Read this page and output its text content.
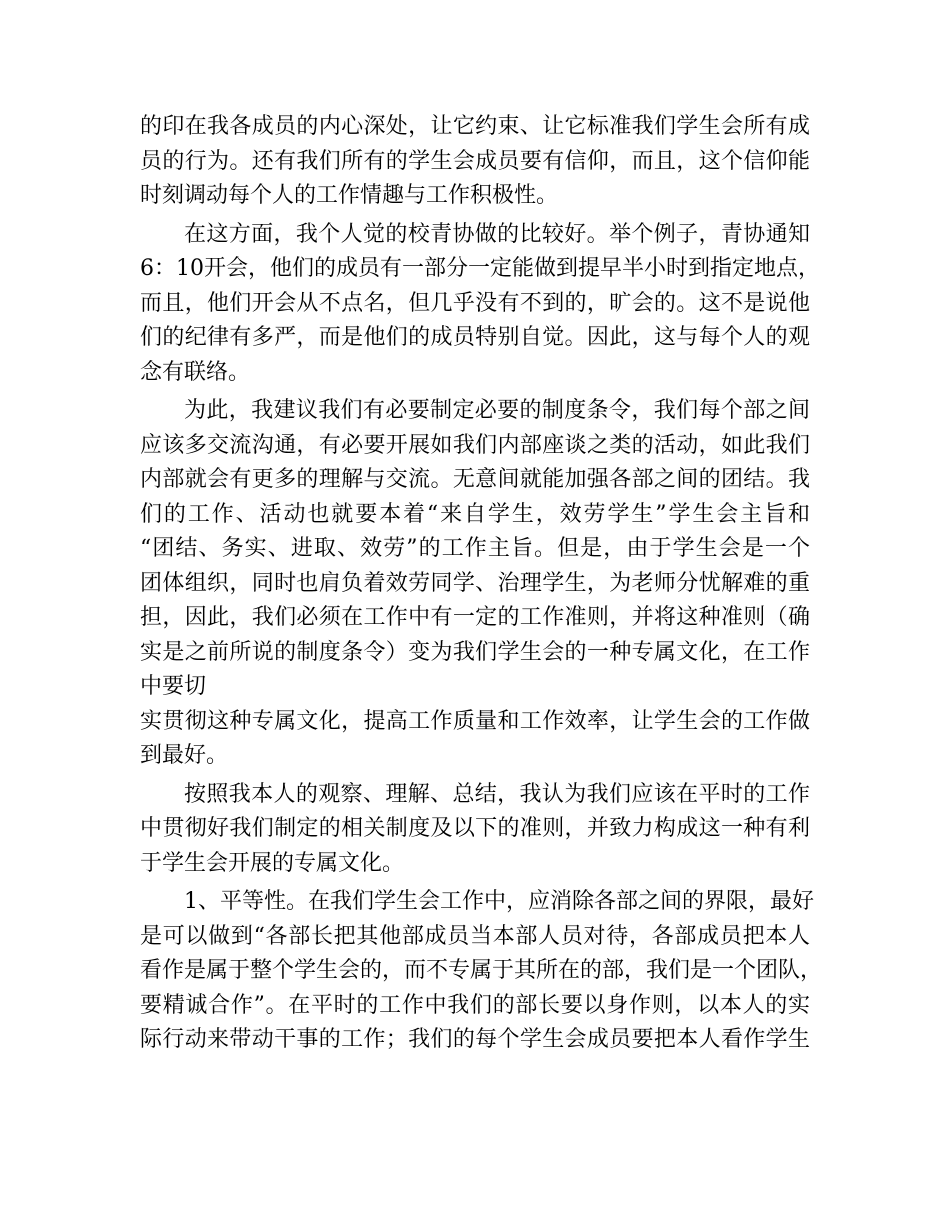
的印在我各成员的内心深处，让它约束、让它标准我们学生会所有成
员的行为。还有我们所有的学生会成员要有信仰，而且，这个信仰能
时刻调动每个人的工作情趣与工作积极性。
在这方面，我个人觉的校青协做的比较好。举个例子，青协通知
6：10开会，他们的成员有一部分一定能做到提早半小时到指定地点，
而且，他们开会从不点名，但几乎没有不到的，旷会的。这不是说他
们的纪律有多严，而是他们的成员特别自觉。因此，这与每个人的观
念有联络。
为此，我建议我们有必要制定必要的制度条令，我们每个部之间
应该多交流沟通，有必要开展如我们内部座谈之类的活动，如此我们
内部就会有更多的理解与交流。无意间就能加强各部之间的团结。我
们的工作、活动也就要本着“来自学生，效劳学生”学生会主旨和
“团结、务实、进取、效劳”的工作主旨。但是，由于学生会是一个
团体组织，同时也肩负着效劳同学、治理学生，为老师分忧解难的重
担，因此，我们必须在工作中有一定的工作准则，并将这种准则（确
实是之前所说的制度条令）变为我们学生会的一种专属文化，在工作
中要切
实贯彻这种专属文化，提高工作质量和工作效率，让学生会的工作做
到最好。
按照我本人的观察、理解、总结，我认为我们应该在平时的工作
中贯彻好我们制定的相关制度及以下的准则，并致力构成这一种有利
于学生会开展的专属文化。
1、平等性。在我们学生会工作中，应消除各部之间的界限，最好
是可以做到“各部长把其他部成员当本部人员对待，各部成员把本人
看作是属于整个学生会的，而不专属于其所在的部，我们是一个团队，
要精诚合作”。在平时的工作中我们的部长要以身作则，以本人的实
际行动来带动干事的工作；我们的每个学生会成员要把本人看作学生
